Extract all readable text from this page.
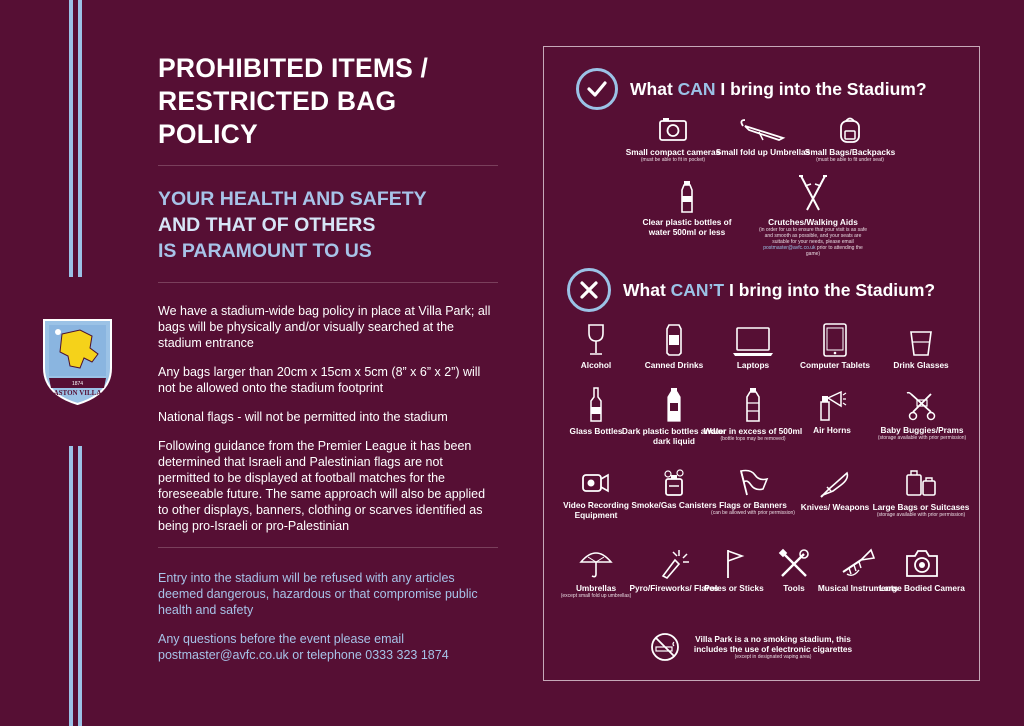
1874
ASTON VILLA
PROHIBITED ITEMS /
RESTRICTED BAG POLICY
YOUR HEALTH AND SAFETY
AND THAT OF OTHERS
IS PARAMOUNT TO US

We have a stadium-wide bag policy in place at Villa Park; all bags will be physically and/or visually searched at the stadium entrance

Any bags larger than 20cm x 15cm x 5cm (8” x 6” x 2”) will not be allowed onto the stadium footprint

National flags - will not be permitted into the stadium

Following guidance from the Premier League it has been determined that Israeli and Palestinian flags are not permitted to be displayed at football matches for the foreseeable future. The same approach will also be applied to other displays, banners, clothing or scarves identified as being pro-Israeli or pro-Palestinian

Entry into the stadium will be refused with any articles deemed dangerous, hazardous or that compromise public health and safety

Any questions before the event please email postmaster@avfc.co.uk or telephone 0333 323 1874

What CAN I bring into the Stadium?
Small compact cameras
(must be able to fit in pocket)
Small fold up Umbrellas
Small Bags/Backpacks
(must be able to fit under seat)
Clear plastic bottles of water 500ml or less
Crutches/Walking Aids
(in order for us to ensure that your visit is as safe and smooth as possible, and your seats are suitable for your needs, please email postmaster@avfc.co.uk prior to attending the game)
What CAN’T I bring into the Stadium?
Alcohol	Canned Drinks	Laptops	Computer Tablets	Drink Glasses
Glass Bottles Dark plastic bottles and/or dark liquid
Water in excess of 500ml
(bottle tops may be removed)
Air Horns	Baby Buggies/Prams
(storage available with prior permission)
Video Recording Equipment
Smoke/Gas Canisters Flags or Banners
(can be allowed with prior permission)
Knives/ Weapons Large Bags or Suitcases
(storage available with prior permission)
Umbrellas
(except small fold up umbrellas)
Pyro/Fireworks/ Flares
Poles or Sticks	Tools	Musical Instruments
Large Bodied Camera
Villa Park is a no smoking stadium, this includes the use of electronic cigarettes
(except in designated vaping area)
